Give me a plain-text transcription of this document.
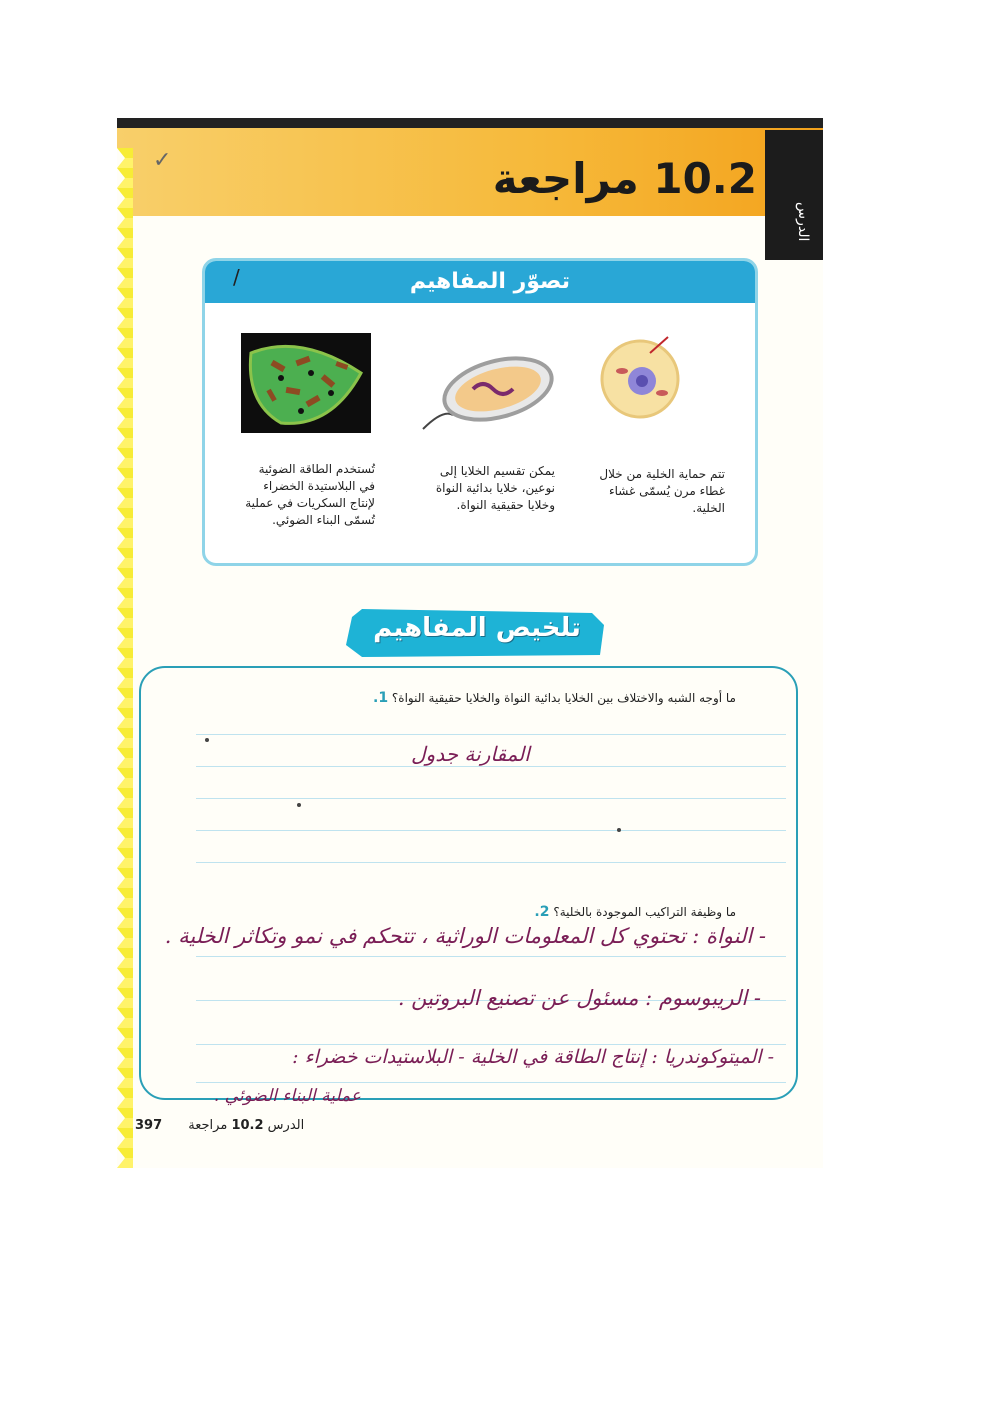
✓
الدرس
10.2 مراجعة
/	تصوّر المفاهيم
تتم حماية الخلية من خلال غطاء مرن يُسمّى غشاء الخلية.
يمكن تقسيم الخلايا إلى نوعين، خلايا بدائية النواة وخلايا حقيقية النواة.
تُستخدم الطاقة الضوئية في البلاستيدة الخضراء لإنتاج السكريات في عملية تُسمّى البناء الضوئي.
تلخيص المفاهيم
ما أوجه الشبه والاختلاف بين الخلايا بدائية النواة والخلايا حقيقية النواة؟ 1.
المقارنة جدول
ما وظيفة التراكيب الموجودة بالخلية؟ 2.
- النواة : تحتوي كل المعلومات الوراثية ، تتحكم في نمو وتكاثر الخلية .
- الريبوسوم : مسئول عن تصنيع البروتين .
- الميتوكوندريا : إنتاج الطاقة في الخلية - البلاستيدات خضراء :
عملية البناء الضوئي .
397	الدرس 10.2 مراجعة
